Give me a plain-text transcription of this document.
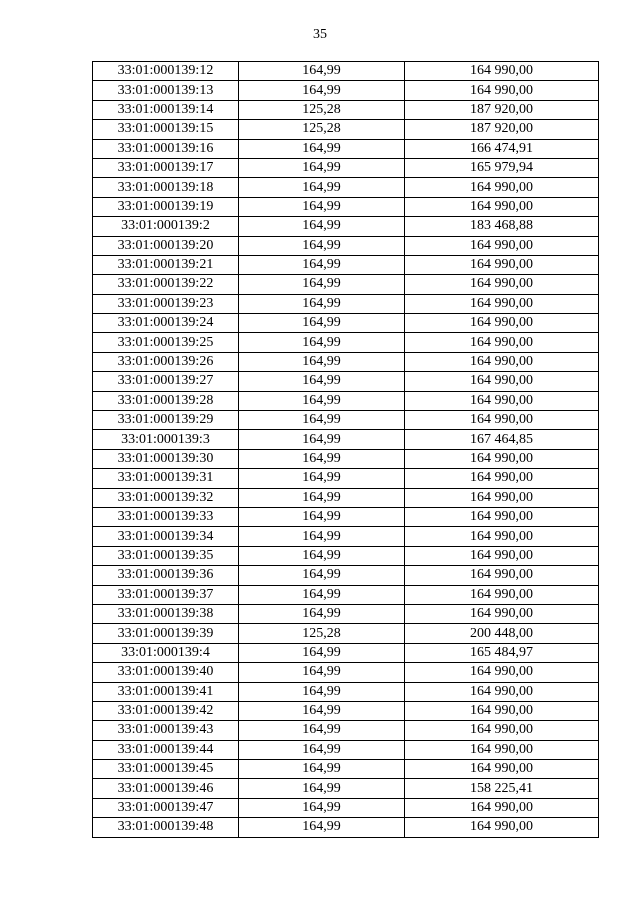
35
33:01:000139:12	164,99	164 990,00
33:01:000139:13	164,99	164 990,00
33:01:000139:14	125,28	187 920,00
33:01:000139:15	125,28	187 920,00
33:01:000139:16	164,99	166 474,91
33:01:000139:17	164,99	165 979,94
33:01:000139:18	164,99	164 990,00
33:01:000139:19	164,99	164 990,00
33:01:000139:2	164,99	183 468,88
33:01:000139:20	164,99	164 990,00
33:01:000139:21	164,99	164 990,00
33:01:000139:22	164,99	164 990,00
33:01:000139:23	164,99	164 990,00
33:01:000139:24	164,99	164 990,00
33:01:000139:25	164,99	164 990,00
33:01:000139:26	164,99	164 990,00
33:01:000139:27	164,99	164 990,00
33:01:000139:28	164,99	164 990,00
33:01:000139:29	164,99	164 990,00
33:01:000139:3	164,99	167 464,85
33:01:000139:30	164,99	164 990,00
33:01:000139:31	164,99	164 990,00
33:01:000139:32	164,99	164 990,00
33:01:000139:33	164,99	164 990,00
33:01:000139:34	164,99	164 990,00
33:01:000139:35	164,99	164 990,00
33:01:000139:36	164,99	164 990,00
33:01:000139:37	164,99	164 990,00
33:01:000139:38	164,99	164 990,00
33:01:000139:39	125,28	200 448,00
33:01:000139:4	164,99	165 484,97
33:01:000139:40	164,99	164 990,00
33:01:000139:41	164,99	164 990,00
33:01:000139:42	164,99	164 990,00
33:01:000139:43	164,99	164 990,00
33:01:000139:44	164,99	164 990,00
33:01:000139:45	164,99	164 990,00
33:01:000139:46	164,99	158 225,41
33:01:000139:47	164,99	164 990,00
33:01:000139:48	164,99	164 990,00
